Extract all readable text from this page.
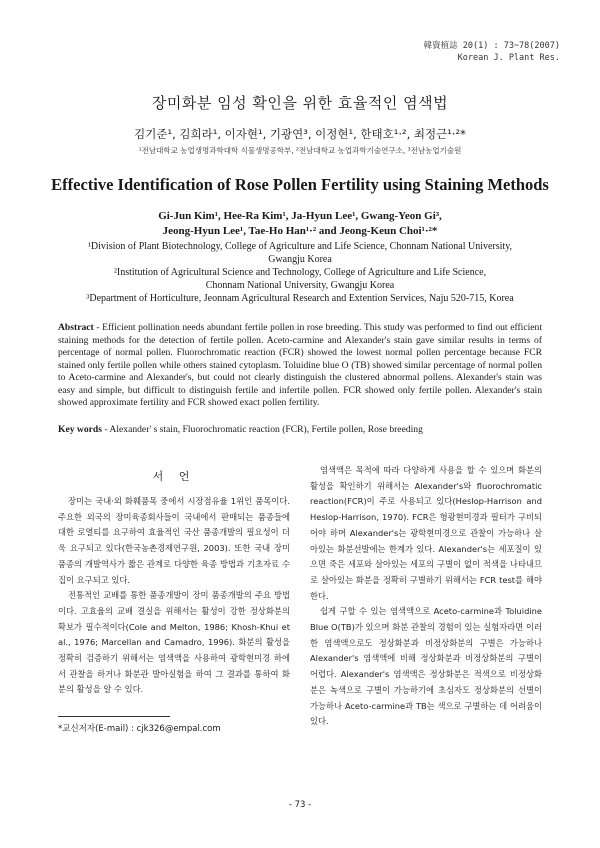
韓資植誌 20(1) : 73~78(2007)
Korean J. Plant Res.
장미화분 임성 확인을 위한 효율적인 염색법
김기준¹, 김희라¹, 이자현¹, 기광연³, 이정현¹, 한태호¹·², 최정근¹·²*
¹전남대학교 농업생명과학대학 식물생명공학부, ²전남대학교 농업과학기술연구소, ³전남농업기술원
Effective Identification of Rose Pollen Fertility using Staining Methods
Gi-Jun Kim¹, Hee-Ra Kim¹, Ja-Hyun Lee¹, Gwang-Yeon Gi³,
Jeong-Hyun Lee¹, Tae-Ho Han¹·² and Jeong-Keun Choi¹·²*
¹Division of Plant Biotechnology, College of Agriculture and Life Science, Chonnam National University,
Gwangju Korea
²Institution of Agricultural Science and Technology, College of Agriculture and Life Science,
Chonnam National University, Gwangju Korea
³Department of Horticulture, Jeonnam Agricultural Research and Extention Services, Naju 520-715, Korea
Abstract - Efficient pollination needs abundant fertile pollen in rose breeding. This study was performed to find out efficient staining methods for the detection of fertile pollen. Aceto-carmine and Alexander's stain gave similar results in terms of percentage of normal pollen. Fluorochromatic reaction (FCR) showed the lowest normal pollen percentage because FCR stained only fertile pollen while others stained cytoplasm. Toluidine blue O (TB) showed similar percentage of normal pollen to Aceto-carmine and Alexander's, but could not clearly distinguish the clustered abnormal pollens. Alexander's stain was easy and simple, but difficult to distinguish fertile and infertile pollen. FCR showed only fertile pollen. Alexander's stain showed approximate fertility and FCR showed exact pollen fertility.
Key words - Alexander' s stain, Fluorochromatic reaction (FCR), Fertile pollen, Rose breeding
서 언

장미는 국내·외 화훼품목 중에서 시장점유율 1위인 품목이다. 주요한 외국의 장미육종회사들이 국내에서 판매되는 품종들에 대한 로열티를 요구하여 효율적인 국산 품종개발의 필요성이 더욱 요구되고 있다(한국농촌경제연구원, 2003). 또한 국내 장미 품종의 개발역사가 짧은 관계로 다양한 육종 방법과 기초자료 수집이 요구되고 있다.

전통적인 교배를 통한 품종개발이 장미 품종개발의 주요 방법이다. 고효율의 교배 결실을 위해서는 활성이 강한 정상화분의 확보가 필수적이다(Cole and Melton, 1986; Khosh-Khui et al., 1976; Marcellan and Camadro, 1996). 화분의 활성을 정확히 검증하기 위해서는 염색액을 사용하여 광학현미경 하에서 관찰을 하거나 화분관 발아실험을 하여 그 결과를 통하여 화분의 활성을 알 수 있다.

염색액은 목적에 따라 다양하게 사용을 할 수 있으며 화분의 활성을 확인하기 위해서는 Alexander's와 fluorochromatic reaction(FCR)이 주로 사용되고 있다(Heslop-Harrison and Heslop-Harrison, 1970). FCR은 형광현미경과 필터가 구비되어야 하며 Alexander's는 광학현미경으로 관찰이 가능하나 살아있는 화분선발에는 한계가 있다. Alexander's는 세포질이 있으면 죽은 세포와 살아있는 세포의 구별이 없이 적색을 나타내므로 살아있는 화분을 정확히 구별하기 위해서는 FCR test를 해야 한다.

쉽게 구할 수 있는 염색액으로 Aceto-carmine과 Toluidine Blue O(TB)가 있으며 화분 관찰의 경험이 있는 실험자라면 이러한 염색액으로도 정상화분과 비정상화분의 구별은 가능하나 Alexander's 염색액에 비해 정상화분과 비정상화분의 구별이 어렵다. Alexander's 염색액은 정상화분은 적색으로 비정상화분은 녹색으로 구별이 가능하기에 초심자도 정상화분의 선별이 가능하나 Aceto-carmine과 TB는 색으로 구별하는 데 어려움이 있다.

*교신저자(E-mail) : cjk326@empal.com
- 73 -
